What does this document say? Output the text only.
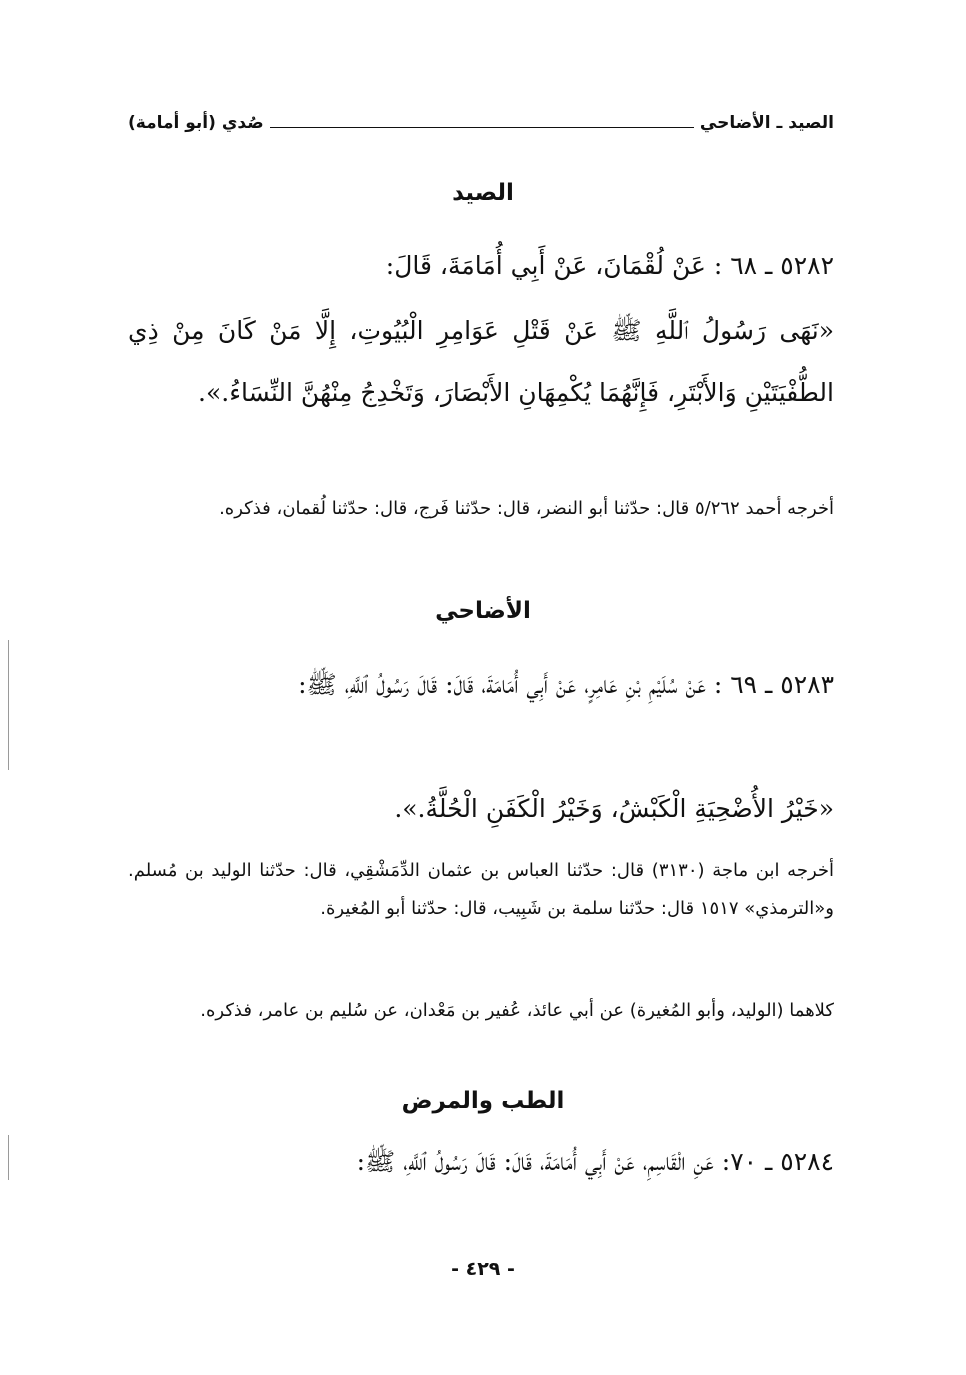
الصيد ـ الأضاحي
صُدي (أبو أمامة)
الصيد
٥٢٨٢ ـ ٦٨ : عَنْ لُقْمَانَ، عَنْ أَبِي أُمَامَةَ، قَالَ:
«نَهَى رَسُولُ ٱللَّهِ ﷺ عَنْ قَتْلِ عَوَامِرِ الْبُيُوتِ، إِلَّا مَنْ كَانَ مِنْ ذِي الطُّفْيَتَيْنِ وَالأَبْتَرِ، فَإِنَّهُمَا يُكْمِهَانِ الأَبْصَارَ، وَتَخْدِجُ مِنْهُنَّ النِّسَاءُ.».
أخرجه أحمد ٥/٢٦٢ قال: حدّثنا أبو النضر، قال: حدّثنا فَرج، قال: حدّثنا لُقمان، فذكره.
الأضاحي
٥٢٨٣ ـ ٦٩ : عَنْ سُلَيْمِ بْنِ عَامِرٍ، عَنْ أَبِي أُمَامَةَ، قَالَ: قَالَ رَسُولُ ٱللَّهِ، ﷺ:
«خَيْرُ الأُضْحِيَةِ الْكَبْشُ، وَخَيْرُ الْكَفَنِ الْحُلَّةُ.».
أخرجه ابن ماجة (٣١٣٠) قال: حدّثنا العباس بن عثمان الدِّمَشْقِي، قال: حدّثنا الوليد بن مُسلم. و«الترمذي» ١٥١٧ قال: حدّثنا سلمة بن شَبِيب، قال: حدّثنا أبو المُغيرة.
كلاهما (الوليد، وأبو المُغيرة) عن أبي عائذ، عُفير بن مَعْدان، عن سُليم بن عامر، فذكره.
الطب والمرض
٥٢٨٤ ـ ٧٠: عَنِ الْقَاسِمِ، عَنْ أَبِي أُمَامَةَ، قَالَ: قَالَ رَسُولُ ٱللَّهِ، ﷺ:
- ٤٢٩ -
